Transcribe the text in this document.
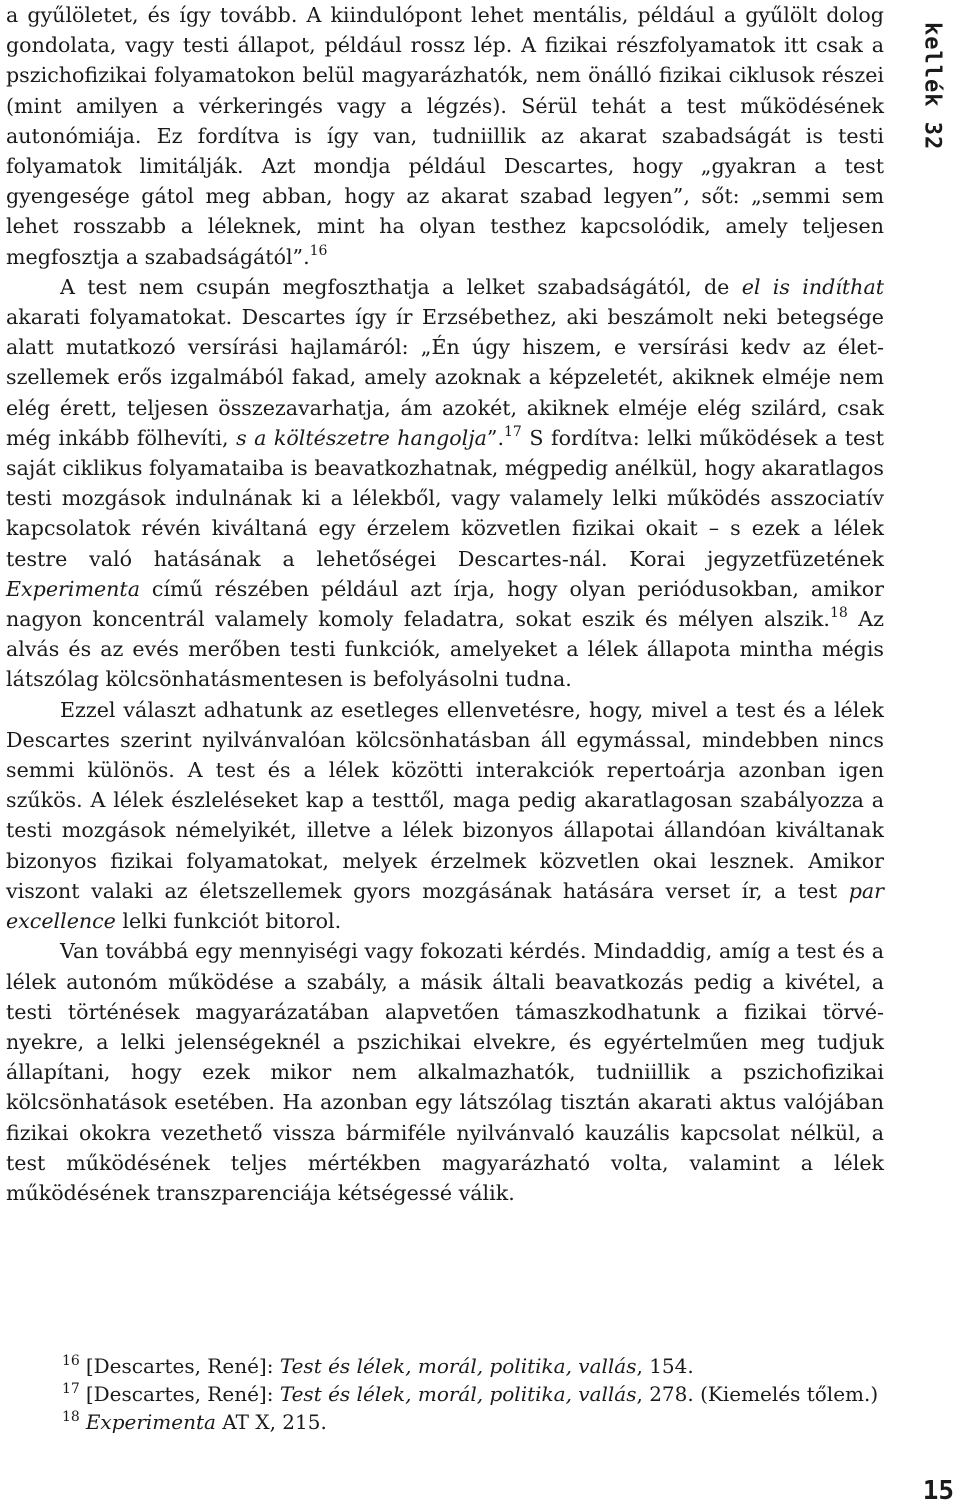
a gyűlöletet, és így tovább. A kiindulópont lehet mentális, például a gyűlölt dolog gondolata, vagy testi állapot, például rossz lép. A fizikai részfolyamatok itt csak a pszichofizikai folyamatokon belül magyarázhatók, nem önálló fizikai ciklusok részei (mint amilyen a vérkeringés vagy a légzés). Sérül tehát a test működésének autonómiája. Ez fordítva is így van, tudniillik az akarat szabadságát is testi folyamatok limitálják. Azt mondja például Descartes, hogy „gyakran a test gyengesége gátol meg abban, hogy az akarat szabad legyen”, sőt: „semmi sem lehet rosszabb a léleknek, mint ha olyan testhez kapcsolódik, amely teljesen megfosztja a szabadságától”.$^{16}$

A test nem csupán megfoszthatja a lelket szabadságától, de el is indíthat akarati folyamatokat. Descartes így ír Erzsébethez, aki beszámolt neki betegsége alatt mutatkozó versírási hajlamáról: „Én úgy hiszem, e versírási kedv az életszellemek erős izgalmából fakad, amely azoknak a képzeletét, akiknek elméje nem elég érett, teljesen összezavarhatja, ám azokét, akiknek elméje elég szilárd, csak még inkább fölhevíti, s a költészetre hangolja”.$^{17}$ S fordítva: lelki működések a test saját ciklikus folyamataiba is beavatkozhatnak, mégpedig anélkül, hogy akaratlagos testi mozgások indulnának ki a lélekből, vagy valamely lelki működés asszociatív kapcsolatok révén kiváltaná egy érzelem közvetlen fizikai okait – s ezek a lélek testre való hatásának a lehetőségei Descartes-nál. Korai jegyzetfüzetének Experimenta című részében például azt írja, hogy olyan periódusokban, amikor nagyon koncentrál valamely komoly feladatra, sokat eszik és mélyen alszik.$^{18}$ Az alvás és az evés merőben testi funkciók, amelyeket a lélek állapota mintha mégis látszólag kölcsönhatásmentesen is befolyásolni tudna.

Ezzel választ adhatunk az esetleges ellenvetésre, hogy, mivel a test és a lélek Descartes szerint nyilvánvalóan kölcsönhatásban áll egymással, mindebben nincs semmi különös. A test és a lélek közötti interakciók repertoárja azonban igen szűkös. A lélek észleléseket kap a testtől, maga pedig akaratlagosan szabályozza a testi mozgások némelyikét, illetve a lélek bizonyos állapotai állandóan kiváltanak bizonyos fizikai folyamatokat, melyek érzelmek közvetlen okai lesznek. Amikor viszont valaki az életszellemek gyors mozgásának hatására verset ír, a test par excellence lelki funkciót bitorol.

Van továbbá egy mennyiségi vagy fokozati kérdés. Mindaddig, amíg a test és a lélek autonóm működése a szabály, a másik általi beavatkozás pedig a kivétel, a testi történések magyarázatában alapvetően támaszkodhatunk a fizikai törvényekre, a lelki jelenségeknél a pszichikai elvekre, és egyértelműen meg tudjuk állapítani, hogy ezek mikor nem alkalmazhatók, tudniillik a pszichofizikai kölcsönhatások esetében. Ha azonban egy látszólag tisztán akarati aktus valójában fizikai okokra vezethető vissza bármiféle nyilvánvaló kauzális kapcsolat nélkül, a test működésének teljes mértékben magyarázható volta, valamint a lélek működésének transzparenciája kétségessé válik.

$^{16}$ [Descartes, René]: Test és lélek, morál, politika, vallás, 154.
$^{17}$ [Descartes, René]: Test és lélek, morál, politika, vallás, 278. (Kiemelés tőlem.)
$^{18}$ Experimenta AT X, 215.
kellék 32
15
